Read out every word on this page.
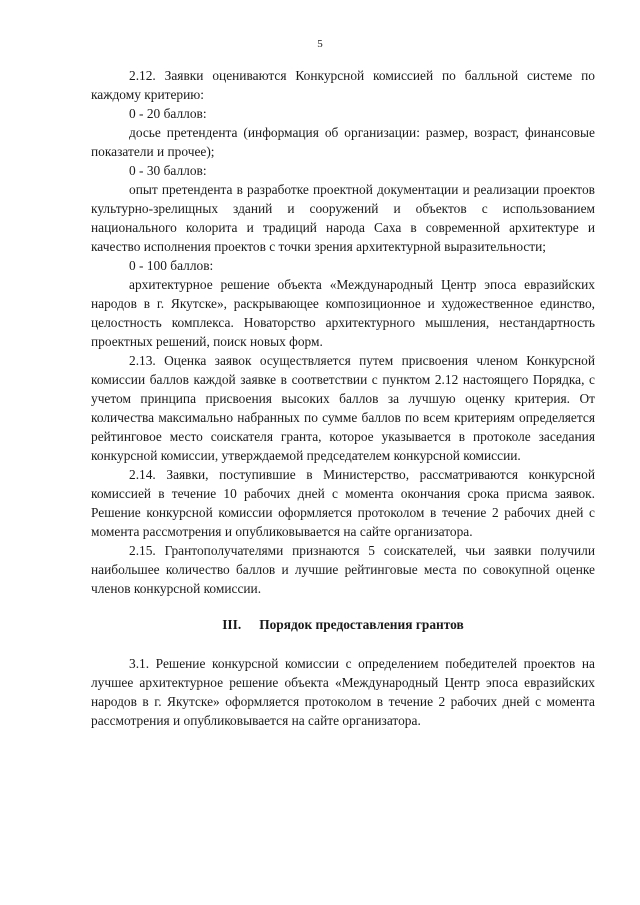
5

2.12. Заявки оцениваются Конкурсной комиссией по балльной системе по каждому критерию:

0 - 20 баллов:

досье претендента (информация об организации: размер, возраст, финансовые показатели и прочее);

0 - 30 баллов:

опыт претендента в разработке проектной документации и реализации проектов культурно-зрелищных зданий и сооружений и объектов с использованием национального колорита и традиций народа Саха в современной архитектуре и качество исполнения проектов с точки зрения архитектурной выразительности;

0 - 100 баллов:

архитектурное решение объекта «Международный Центр эпоса евразийских народов в г. Якутске», раскрывающее композиционное и художественное единство, целостность комплекса. Новаторство архитектурного мышления, нестандартность проектных решений, поиск новых форм.

2.13. Оценка заявок осуществляется путем присвоения членом Конкурсной комиссии баллов каждой заявке в соответствии с пунктом 2.12 настоящего Порядка, с учетом принципа присвоения высоких баллов за лучшую оценку критерия. От количества максимально набранных по сумме баллов по всем критериям определяется рейтинговое место соискателя гранта, которое указывается в протоколе заседания конкурсной комиссии, утверждаемой председателем конкурсной комиссии.

2.14. Заявки, поступившие в Министерство, рассматриваются конкурсной комиссией в течение 10 рабочих дней с момента окончания срока присма заявок. Решение конкурсной комиссии оформляется протоколом в течение 2 рабочих дней с момента рассмотрения и опубликовывается на сайте организатора.

2.15. Грантополучателями признаются 5 соискателей, чьи заявки получили наибольшее количество баллов и лучшие рейтинговые места по совокупной оценке членов конкурсной комиссии.

III. Порядок предоставления грантов

3.1. Решение конкурсной комиссии с определением победителей проектов на лучшее архитектурное решение объекта «Международный Центр эпоса евразийских народов в г. Якутске» оформляется протоколом в течение 2 рабочих дней с момента рассмотрения и опубликовывается на сайте организатора.
